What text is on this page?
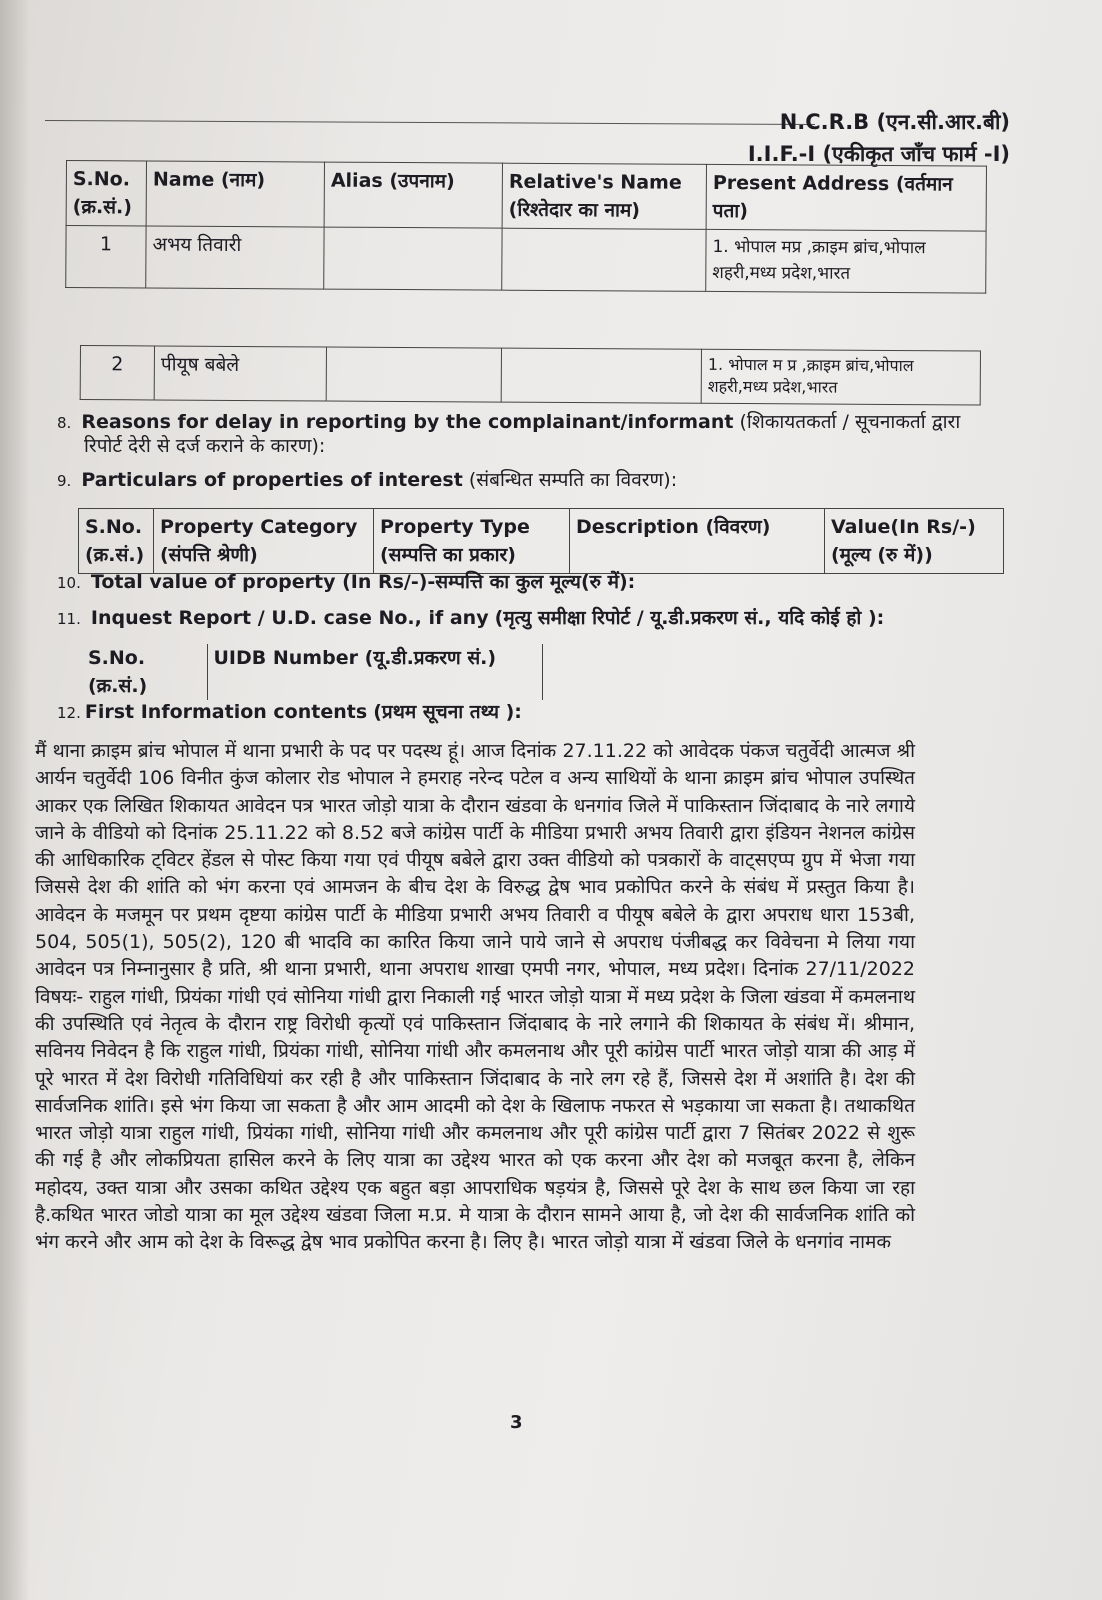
N.C.R.B (एन.सी.आर.बी)
I.I.F.-I (एकीकृत जाँच फार्म -I)
S.No. (क्र.सं.)	Name (नाम)	Alias (उपनाम)	Relative's Name (रिश्तेदार का नाम)	Present Address (वर्तमान पता)
1	अभय तिवारी			1. भोपाल मप्र ,क्राइम ब्रांच,भोपाल शहरी,मध्य प्रदेश,भारत
2	पीयूष बबेले			1. भोपाल म प्र ,क्राइम ब्रांच,भोपाल शहरी,मध्य प्रदेश,भारत
8. Reasons for delay in reporting by the complainant/informant (शिकायतकर्ता / सूचनाकर्ता द्वारा
रिपोर्ट देरी से दर्ज कराने के कारण):
9. Particulars of properties of interest (संबन्धित सम्पति का विवरण):
S.No. (क्र.सं.)	Property Category (संपत्ति श्रेणी)	Property Type (सम्पत्ति का प्रकार)	Description (विवरण)	Value(In Rs/-) (मूल्य (रु में))
10. Total value of property (In Rs/-)-सम्पत्ति का कुल मूल्य(रु में):
11. Inquest Report / U.D. case No., if any (मृत्यु समीक्षा रिपोर्ट / यू.डी.प्रकरण सं., यदि कोई हो ):
S.No. (क्र.सं.)	UIDB Number (यू.डी.प्रकरण सं.)
12. First Information contents (प्रथम सूचना तथ्य ):
मैं थाना क्राइम ब्रांच भोपाल में थाना प्रभारी के पद पर पदस्थ हूं। आज दिनांक 27.11.22 को आवेदक पंकज चतुर्वेदी आत्मज श्री आर्यन चतुर्वेदी 106 विनीत कुंज कोलार रोड भोपाल ने हमराह नरेन्द पटेल व अन्य साथियों के थाना क्राइम ब्रांच भोपाल उपस्थित आकर एक लिखित शिकायत आवेदन पत्र भारत जोड़ो यात्रा के दौरान खंडवा के धनगांव जिले में पाकिस्तान जिंदाबाद के नारे लगाये जाने के वीडियो को दिनांक 25.11.22 को 8.52 बजे कांग्रेस पार्टी के मीडिया प्रभारी अभय तिवारी द्वारा इंडियन नेशनल कांग्रेस की आधिकारिक ट्विटर हेंडल से पोस्ट किया गया एवं पीयूष बबेले द्वारा उक्त वीडियो को पत्रकारों के वाट्सएप्प ग्रुप में भेजा गया जिससे देश की शांति को भंग करना एवं आमजन के बीच देश के विरुद्ध द्वेष भाव प्रकोपित करने के संबंध में प्रस्तुत किया है। आवेदन के मजमून पर प्रथम दृष्टया कांग्रेस पार्टी के मीडिया प्रभारी अभय तिवारी व पीयूष बबेले के द्वारा अपराध धारा 153बी, 504, 505(1), 505(2), 120 बी भादवि का कारित किया जाने पाये जाने से अपराध पंजीबद्ध कर विवेचना मे लिया गया आवेदन पत्र निम्नानुसार है प्रति, श्री थाना प्रभारी, थाना अपराध शाखा एमपी नगर, भोपाल, मध्य प्रदेश। दिनांक 27/11/2022 विषयः- राहुल गांधी, प्रियंका गांधी एवं सोनिया गांधी द्वारा निकाली गई भारत जोड़ो यात्रा में मध्य प्रदेश के जिला खंडवा में कमलनाथ की उपस्थिति एवं नेतृत्व के दौरान राष्ट्र विरोधी कृत्यों एवं पाकिस्तान जिंदाबाद के नारे लगाने की शिकायत के संबंध में। श्रीमान, सविनय निवेदन है कि राहुल गांधी, प्रियंका गांधी, सोनिया गांधी और कमलनाथ और पूरी कांग्रेस पार्टी भारत जोड़ो यात्रा की आड़ में पूरे भारत में देश विरोधी गतिविधियां कर रही है और पाकिस्तान जिंदाबाद के नारे लग रहे हैं, जिससे देश में अशांति है। देश की सार्वजनिक शांति। इसे भंग किया जा सकता है और आम आदमी को देश के खिलाफ नफरत से भड़काया जा सकता है। तथाकथित भारत जोड़ो यात्रा राहुल गांधी, प्रियंका गांधी, सोनिया गांधी और कमलनाथ और पूरी कांग्रेस पार्टी द्वारा 7 सितंबर 2022 से शुरू की गई है और लोकप्रियता हासिल करने के लिए यात्रा का उद्देश्य भारत को एक करना और देश को मजबूत करना है, लेकिन महोदय, उक्त यात्रा और उसका कथित उद्देश्य एक बहुत बड़ा आपराधिक षड़यंत्र है, जिससे पूरे देश के साथ छल किया जा रहा है.कथित भारत जोडो यात्रा का मूल उद्देश्य खंडवा जिला म.प्र. मे यात्रा के दौरान सामने आया है, जो देश की सार्वजनिक शांति को भंग करने और आम को देश के विरूद्ध द्वेष भाव प्रकोपित करना है। लिए है। भारत जोड़ो यात्रा में खंडवा जिले के धनगांव नामक
3
